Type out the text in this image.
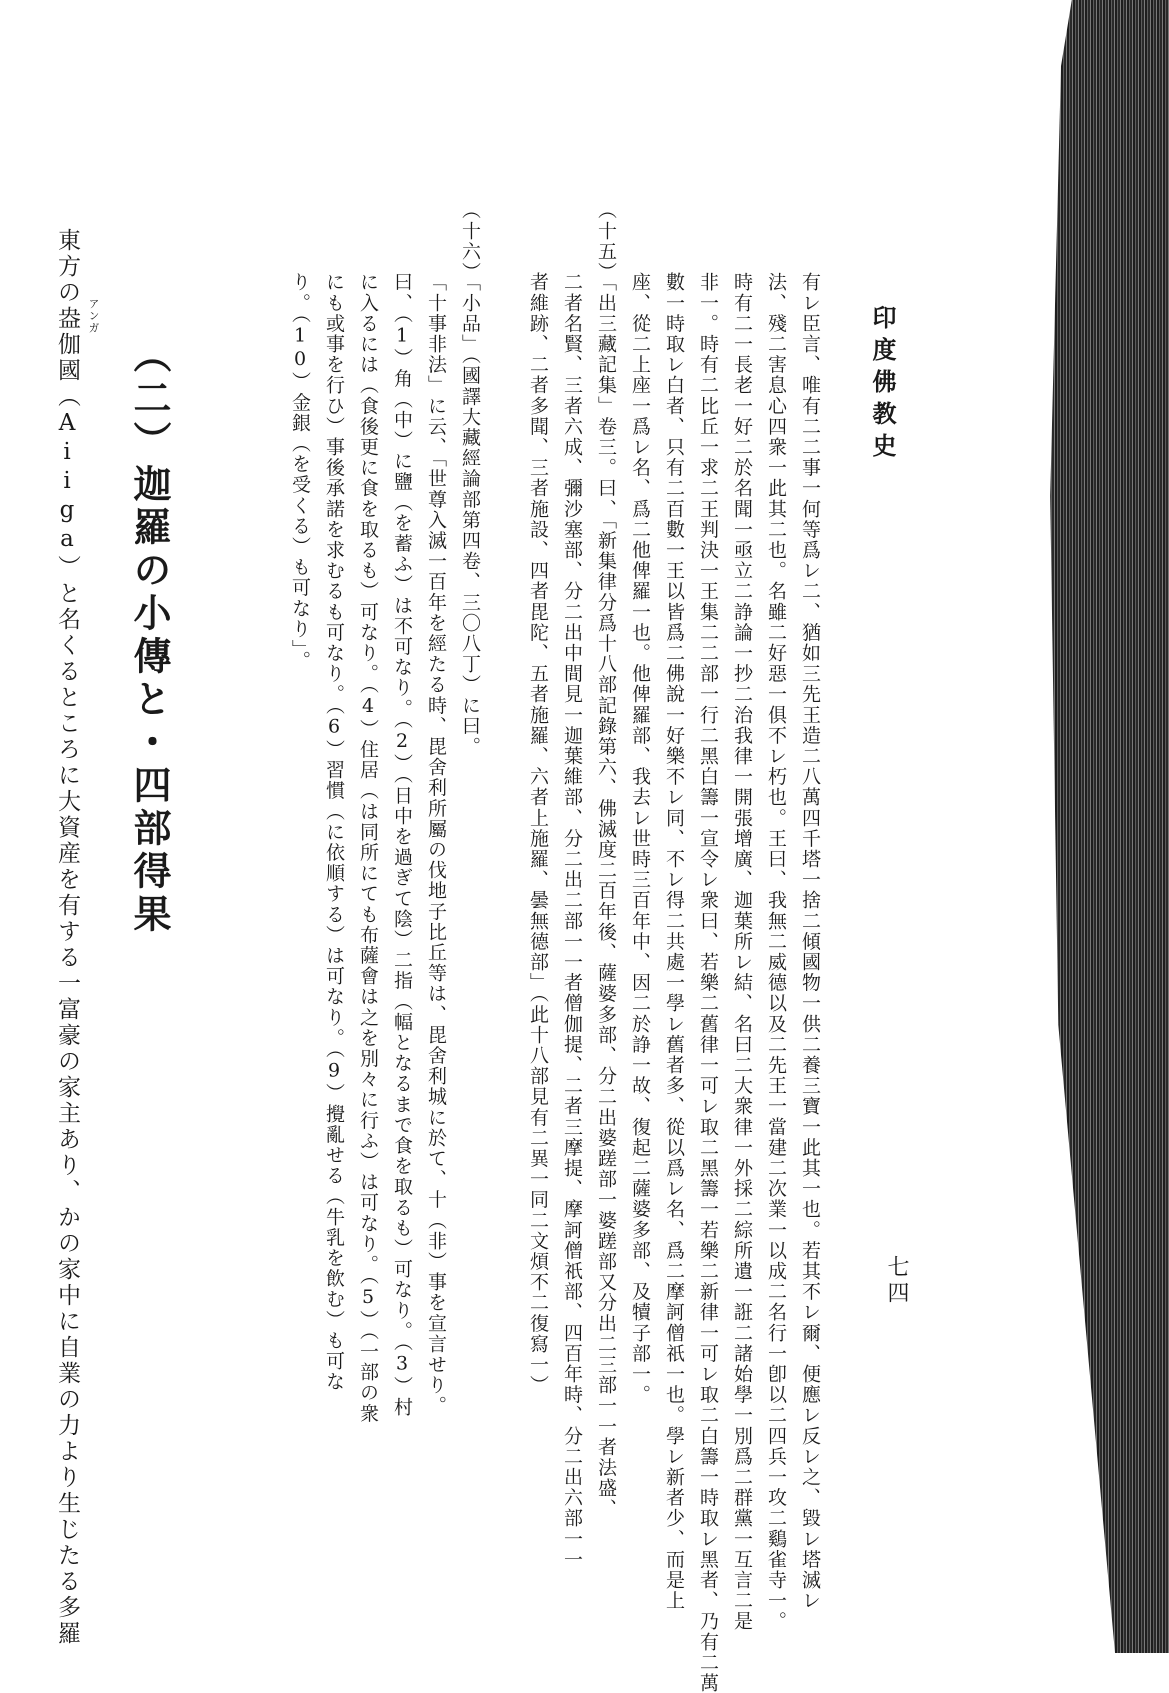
印度佛教史
七四
有レ臣言、唯有二二事一何等爲レ二、猶如三先王造二八萬四千塔一捨二傾國物一供二養三寶一此其一也。若其不レ爾、便應レ反レ之、毀レ塔滅レ
法、殘二害息心四衆一此其二也。名雖二好惡一俱不レ朽也。王曰、我無二威德以及二先王一當建二次業一以成二名行一卽以二四兵一攻二鷄雀寺一。
時有二一長老一好二於名聞一亟立二諍論一抄二治我律一開張增廣、迦葉所レ結、名曰二大衆律一外採二綜所遺一誑二諸始學一別爲二群黨一互言二是
非一。時有二比丘一求二王判決一王集二二部一行二黑白籌一宣令レ衆曰、若樂二舊律一可レ取二黑籌一若樂二新律一可レ取二白籌一時取レ黑者、乃有二萬
數一時取レ白者、只有二百數一王以皆爲二佛說一好樂不レ同、不レ得二共處一學レ舊者多、從以爲レ名、爲二摩訶僧祇一也。學レ新者少、而是上
座、從二上座一爲レ名、爲二他俾羅一也。他俾羅部、我去レ世時三百年中、因二於諍一故、復起二薩婆多部、及犢子部一。
（十五）
「出三藏記集」卷三。曰、「新集律分爲十八部記錄第六、佛滅度二百年後、薩婆多部、分二出婆蹉部一婆蹉部又分出二三部一一者法盛、
二者名賢、三者六成、彌沙塞部、分二出中間見一迦葉維部、分二出二部一一者僧伽提、二者三摩提、摩訶僧祇部、四百年時、分二出六部一一
者維跡、二者多聞、三者施設、四者毘陀、五者施羅、六者上施羅、曇無德部」（此十八部見有二異一同二文煩不二復寫一）
（十六）
「小品」（國譯大藏經論部第四卷、三〇八丁）に曰。
「十事非法」に云、「世尊入滅一百年を經たる時、毘舍利所屬の伐地子比丘等は、毘舍利城に於て、十（非）事を宣言せり。
曰、（1）角（中）に鹽（を蓄ふ）は不可なり。（2）（日中を過ぎて陰）二指（幅となるまで食を取るも）可なり。（3）村
に入るには（食後更に食を取るも）可なり。（4）住居（は同所にても布薩會は之を別々に行ふ）は可なり。（5）（一部の衆
にも或事を行ひ）事後承諾を求むるも可なり。（6）習慣（に依順する）は可なり。（9）攪亂せる（牛乳を飲む）も可な
り。（10）金銀（を受くる）も可なり」。
（二）迦羅の小傳と・四部得果
東方の盎伽國（Aiiga）と名くるところに大資産を有する一富豪の家主あり、かの家中に自業の力より生じたる多羅 アンガ
